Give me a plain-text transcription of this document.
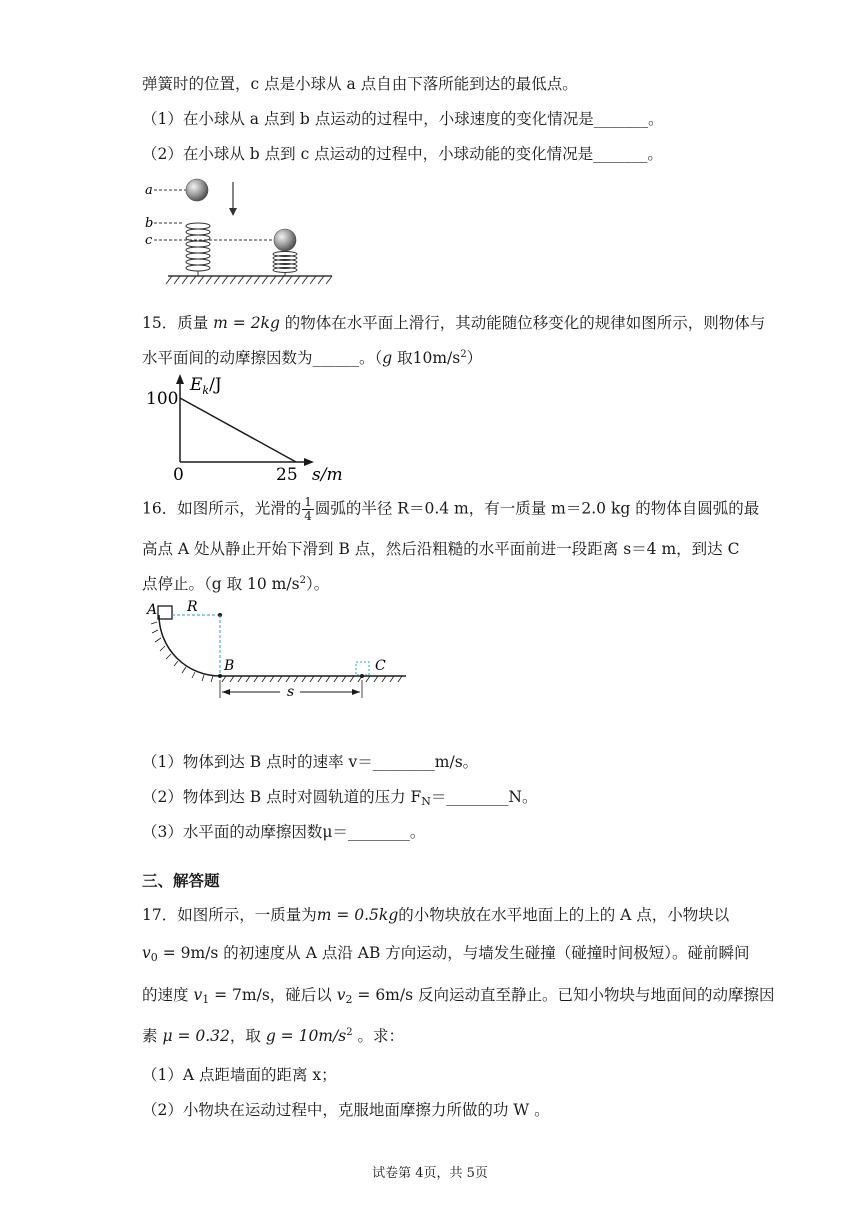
弹簧时的位置，c 点是小球从 a 点自由下落所能到达的最低点。
（1）在小球从 a 点到 b 点运动的过程中，小球速度的变化情况是_______。
（2）在小球从 b 点到 c 点运动的过程中，小球动能的变化情况是_______。
a
b
c
15．质量 m = 2kg 的物体在水平面上滑行，其动能随位移变化的规律如图所示，则物体与
水平面间的动摩擦因数为______。（g 取$10m/s^2$）
$E_k/J$
100
0	25 s/m
16．如图所示，光滑的 $\frac{1}{4}$ 圆弧的半径 R＝0.4 m，有一质量 m＝2.0 kg 的物体自圆弧的最
高点 A 处从静止开始下滑到 B 点，然后沿粗糙的水平面前进一段距离 s＝4 m，到达 C
点停止。（g 取 10 $m/s^2$）。
A R
B	C
s
（1）物体到达 B 点时的速率 v＝________m/s。
（2）物体到达 B 点时对圆轨道的压力 $F_N=\_\_\_\_\_\_\_\_N$。
（3）水平面的动摩擦因数μ＝________。
三、解答题
17．如图所示，一质量为m = 0.5kg的小物块放在水平地面上的上的 A 点，小物块以
$v_0 = 9m/s$ 的初速度从 A 点沿 AB 方向运动，与墙发生碰撞（碰撞时间极短）。碰前瞬间
的速度 $v_1 = 7m/s$，碰后以 $v_2 = 6m/s$ 反向运动直至静止。已知小物块与地面间的动摩擦因
素 μ = 0.32，取 $g = 10m/s^2$ 。求：
（1）A 点距墙面的距离 x；
（2）小物块在运动过程中，克服地面摩擦力所做的功 W 。
试卷第 4页，共 5页
